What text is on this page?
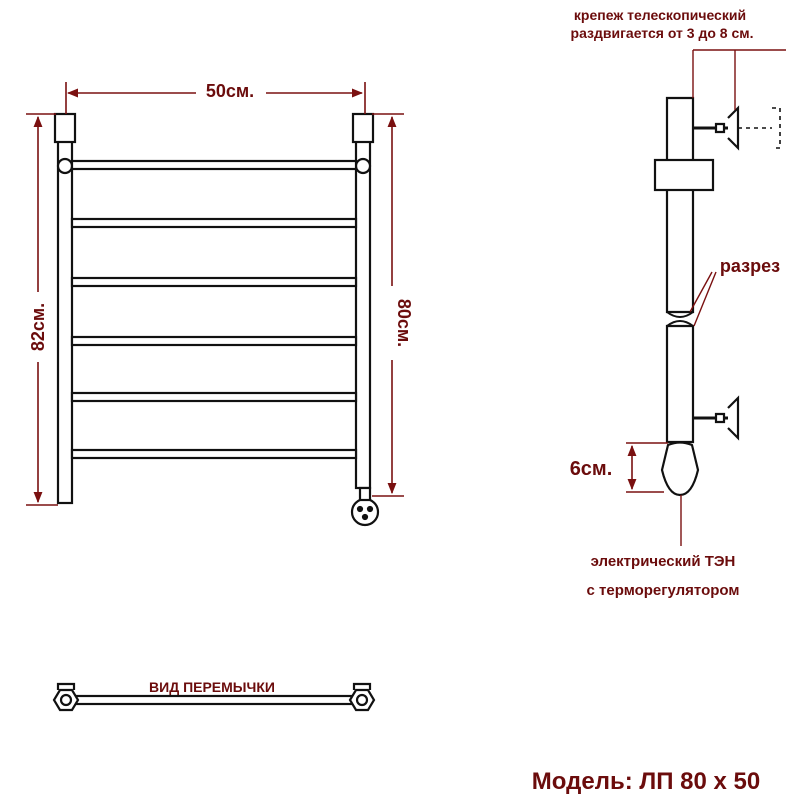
50см.
82см.	80см.
крепеж телескопический
раздвигается от 3 до 8 см.
разрез
6см.
электрический ТЭН
с терморегулятором
ВИД ПЕРЕМЫЧКИ
Модель: ЛП 80 х 50
